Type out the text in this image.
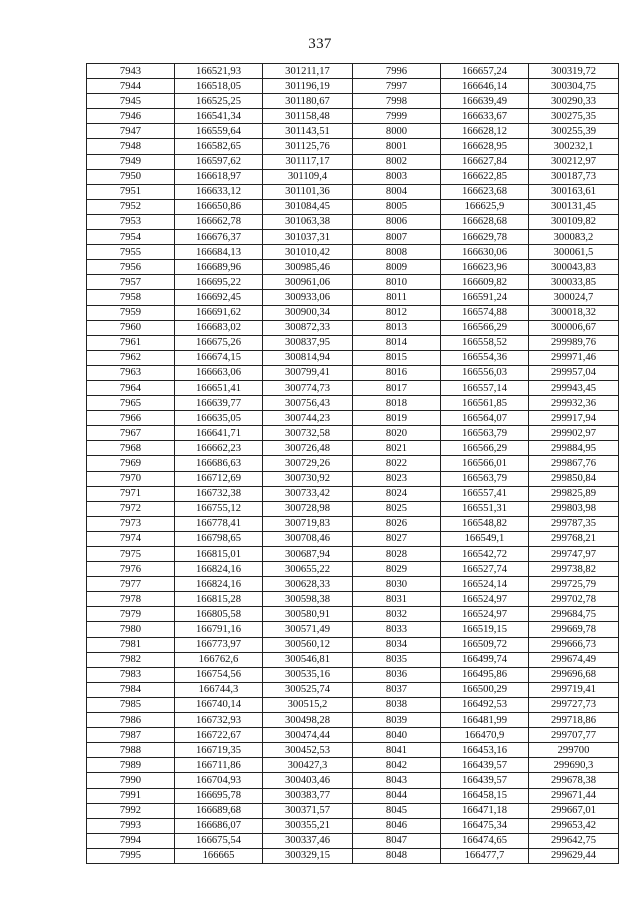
337
7943	166521,93	301211,17	7996	166657,24	300319,72
7944	166518,05	301196,19	7997	166646,14	300304,75
7945	166525,25	301180,67	7998	166639,49	300290,33
7946	166541,34	301158,48	7999	166633,67	300275,35
7947	166559,64	301143,51	8000	166628,12	300255,39
7948	166582,65	301125,76	8001	166628,95	300232,1
7949	166597,62	301117,17	8002	166627,84	300212,97
7950	166618,97	301109,4	8003	166622,85	300187,73
7951	166633,12	301101,36	8004	166623,68	300163,61
7952	166650,86	301084,45	8005	166625,9	300131,45
7953	166662,78	301063,38	8006	166628,68	300109,82
7954	166676,37	301037,31	8007	166629,78	300083,2
7955	166684,13	301010,42	8008	166630,06	300061,5
7956	166689,96	300985,46	8009	166623,96	300043,83
7957	166695,22	300961,06	8010	166609,82	300033,85
7958	166692,45	300933,06	8011	166591,24	300024,7
7959	166691,62	300900,34	8012	166574,88	300018,32
7960	166683,02	300872,33	8013	166566,29	300006,67
7961	166675,26	300837,95	8014	166558,52	299989,76
7962	166674,15	300814,94	8015	166554,36	299971,46
7963	166663,06	300799,41	8016	166556,03	299957,04
7964	166651,41	300774,73	8017	166557,14	299943,45
7965	166639,77	300756,43	8018	166561,85	299932,36
7966	166635,05	300744,23	8019	166564,07	299917,94
7967	166641,71	300732,58	8020	166563,79	299902,97
7968	166662,23	300726,48	8021	166566,29	299884,95
7969	166686,63	300729,26	8022	166566,01	299867,76
7970	166712,69	300730,92	8023	166563,79	299850,84
7971	166732,38	300733,42	8024	166557,41	299825,89
7972	166755,12	300728,98	8025	166551,31	299803,98
7973	166778,41	300719,83	8026	166548,82	299787,35
7974	166798,65	300708,46	8027	166549,1	299768,21
7975	166815,01	300687,94	8028	166542,72	299747,97
7976	166824,16	300655,22	8029	166527,74	299738,82
7977	166824,16	300628,33	8030	166524,14	299725,79
7978	166815,28	300598,38	8031	166524,97	299702,78
7979	166805,58	300580,91	8032	166524,97	299684,75
7980	166791,16	300571,49	8033	166519,15	299669,78
7981	166773,97	300560,12	8034	166509,72	299666,73
7982	166762,6	300546,81	8035	166499,74	299674,49
7983	166754,56	300535,16	8036	166495,86	299696,68
7984	166744,3	300525,74	8037	166500,29	299719,41
7985	166740,14	300515,2	8038	166492,53	299727,73
7986	166732,93	300498,28	8039	166481,99	299718,86
7987	166722,67	300474,44	8040	166470,9	299707,77
7988	166719,35	300452,53	8041	166453,16	299700
7989	166711,86	300427,3	8042	166439,57	299690,3
7990	166704,93	300403,46	8043	166439,57	299678,38
7991	166695,78	300383,77	8044	166458,15	299671,44
7992	166689,68	300371,57	8045	166471,18	299667,01
7993	166686,07	300355,21	8046	166475,34	299653,42
7994	166675,54	300337,46	8047	166474,65	299642,75
7995	166665	300329,15	8048	166477,7	299629,44
